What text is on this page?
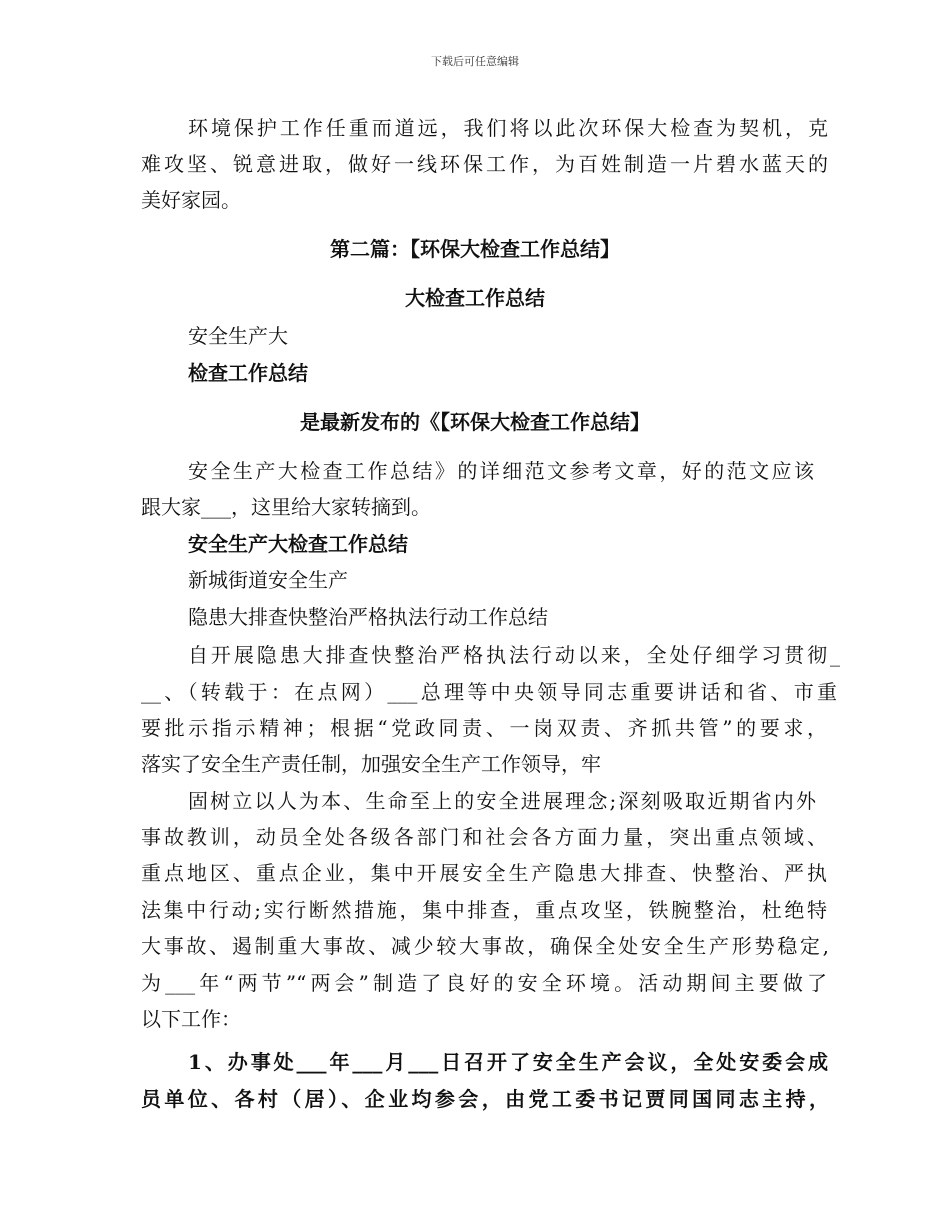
下载后可任意编辑
环境保护工作任重而道远，我们将以此次环保大检查为契机，克
难攻坚、锐意进取，做好一线环保工作，为百姓制造一片碧水蓝天的
美好家园。
第二篇：【环保大检查工作总结】
大检查工作总结
安全生产大
检查工作总结
是最新发布的《【环保大检查工作总结】
安全生产大检查工作总结》的详细范文参考文章，好的范文应该
跟大家___，这里给大家转摘到。
安全生产大检查工作总结
新城街道安全生产
隐患大排查快整治严格执法行动工作总结
自开展隐患大排查快整治严格执法行动以来，全处仔细学习贯彻_
__、（转载于：在点网）___总理等中央领导同志重要讲话和省、市重
要批示指示精神；根据“党政同责、一岗双责、齐抓共管”的要求，
落实了安全生产责任制，加强安全生产工作领导，牢
固树立以人为本、生命至上的安全进展理念;深刻吸取近期省内外
事故教训，动员全处各级各部门和社会各方面力量，突出重点领域、
重点地区、重点企业，集中开展安全生产隐患大排查、快整治、严执
法集中行动;实行断然措施，集中排查，重点攻坚，铁腕整治，杜绝特
大事故、遏制重大事故、减少较大事故，确保全处安全生产形势稳定,
为___年“两节”“两会”制造了良好的安全环境。活动期间主要做了
以下工作：
1、办事处___年___月___日召开了安全生产会议，全处安委会成
员单位、各村（居）、企业均参会，由党工委书记贾同国同志主持，
